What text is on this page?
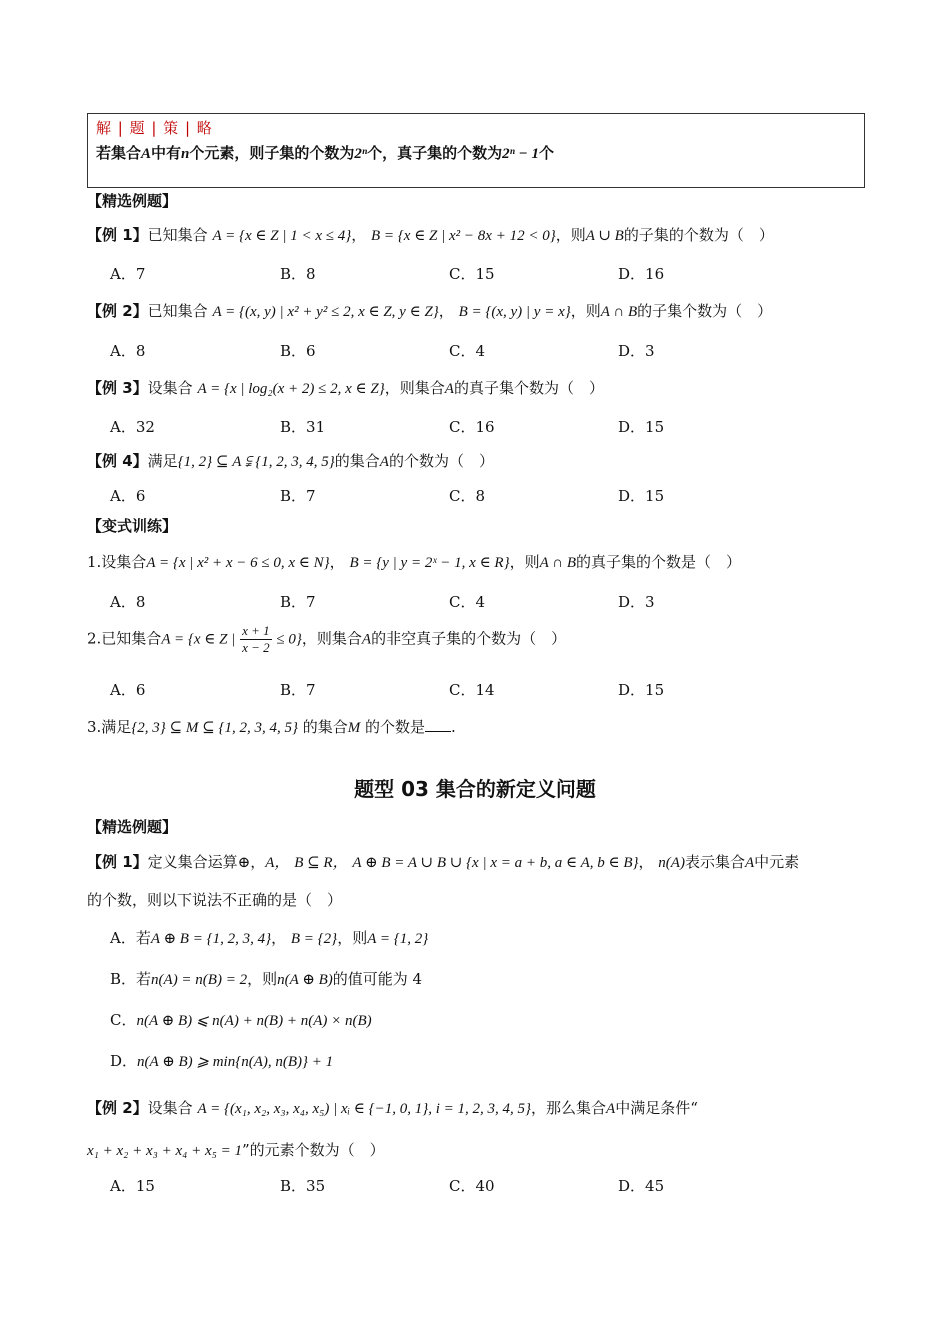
解 | 题 | 策 | 略
若集合A中有n个元素，则子集的个数为2ⁿ个，真子集的个数为2ⁿ − 1个
【精选例题】
【例 1】已知集合 A = {x ∈ Z | 1 < x ≤ 4}， B = {x ∈ Z | x² − 8x + 12 < 0}，则A ∪ B的子集的个数为（　）
A．7	B．8	C．15	D．16
【例 2】已知集合 A = {(x, y) | x² + y² ≤ 2, x ∈ Z, y ∈ Z}， B = {(x, y) | y = x}，则A ∩ B的子集个数为（　）
A．8	B．6	C．4	D．3
【例 3】设集合 A = {x | log₂(x + 2) ≤ 2, x ∈ Z}，则集合A的真子集个数为（　）
A．32	B．31	C．16	D．15
【例 4】满足{1, 2} ⊆ A ⫋ {1, 2, 3, 4, 5}的集合A的个数为（　）
A．6	B．7	C．8	D．15
【变式训练】
1.设集合A = {x | x² + x − 6 ≤ 0, x ∈ N}， B = {y | y = 2ˣ − 1, x ∈ R}，则A ∩ B的真子集的个数是（　）
A．8	B．7	C．4	D．3
2.已知集合A = {x ∈ Z | $\frac{x + 1}{x - 2} \le 0$}，则集合A的非空真子集的个数为（　）
A．6	B．7	C．14	D．15
3.满足{2, 3} ⊆ M ⊆ {1, 2, 3, 4, 5} 的集合M 的个数是 .
题型 03 集合的新定义问题
【精选例题】
【例 1】定义集合运算⊕，A， B ⊆ R， A ⊕ B = A ∪ B ∪ {x | x = a + b, a ∈ A, b ∈ B}， n(A)表示集合A中元素
的个数，则以下说法不正确的是（　）
A．若A ⊕ B = {1, 2, 3, 4}， B = {2}，则A = {1, 2}
B．若n(A) = n(B) = 2，则n(A ⊕ B)的值可能为 4
C．n(A ⊕ B) ⩽ n(A) + n(B) + n(A) × n(B)
D．n(A ⊕ B) ⩾ min{n(A), n(B)} + 1
【例 2】设集合 A = {(x₁, x₂, x₃, x₄, x₅) | xᵢ ∈ {−1, 0, 1}, i = 1, 2, 3, 4, 5}，那么集合A中满足条件“
x₁ + x₂ + x₃ + x₄ + x₅ = 1”的元素个数为（　）
A．15	B．35	C．40	D．45
